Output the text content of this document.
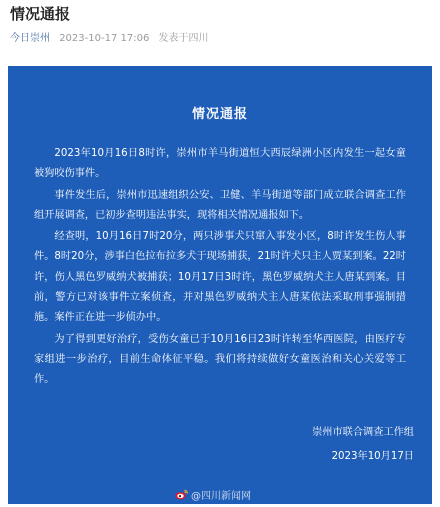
情况通报
今日崇州 2023-10-17 17:06 发表于四川
情况通报

2023年10月16日8时许，崇州市羊马街道恒大西辰绿洲小区内发生一起女童被狗咬伤事件。

事件发生后，崇州市迅速组织公安、卫健、羊马街道等部门成立联合调查工作组开展调查，已初步查明违法事实，现将相关情况通报如下。

经查明，10月16日7时20分，两只涉事犬只窜入事发小区，8时许发生伤人事件。8时20分，涉事白色拉布拉多犬于现场捕获，21时许犬只主人贾某到案。22时许，伤人黑色罗威纳犬被捕获；10月17日3时许，黑色罗威纳犬主人唐某到案。目前，警方已对该事件立案侦查，并对黑色罗威纳犬主人唐某依法采取刑事强制措施。案件正在进一步侦办中。

为了得到更好治疗，受伤女童已于10月16日23时许转至华西医院，由医疗专家组进一步治疗，目前生命体征平稳。我们将持续做好女童医治和关心关爱等工作。

崇州市联合调查工作组
2023年10月17日
@四川新闻网
